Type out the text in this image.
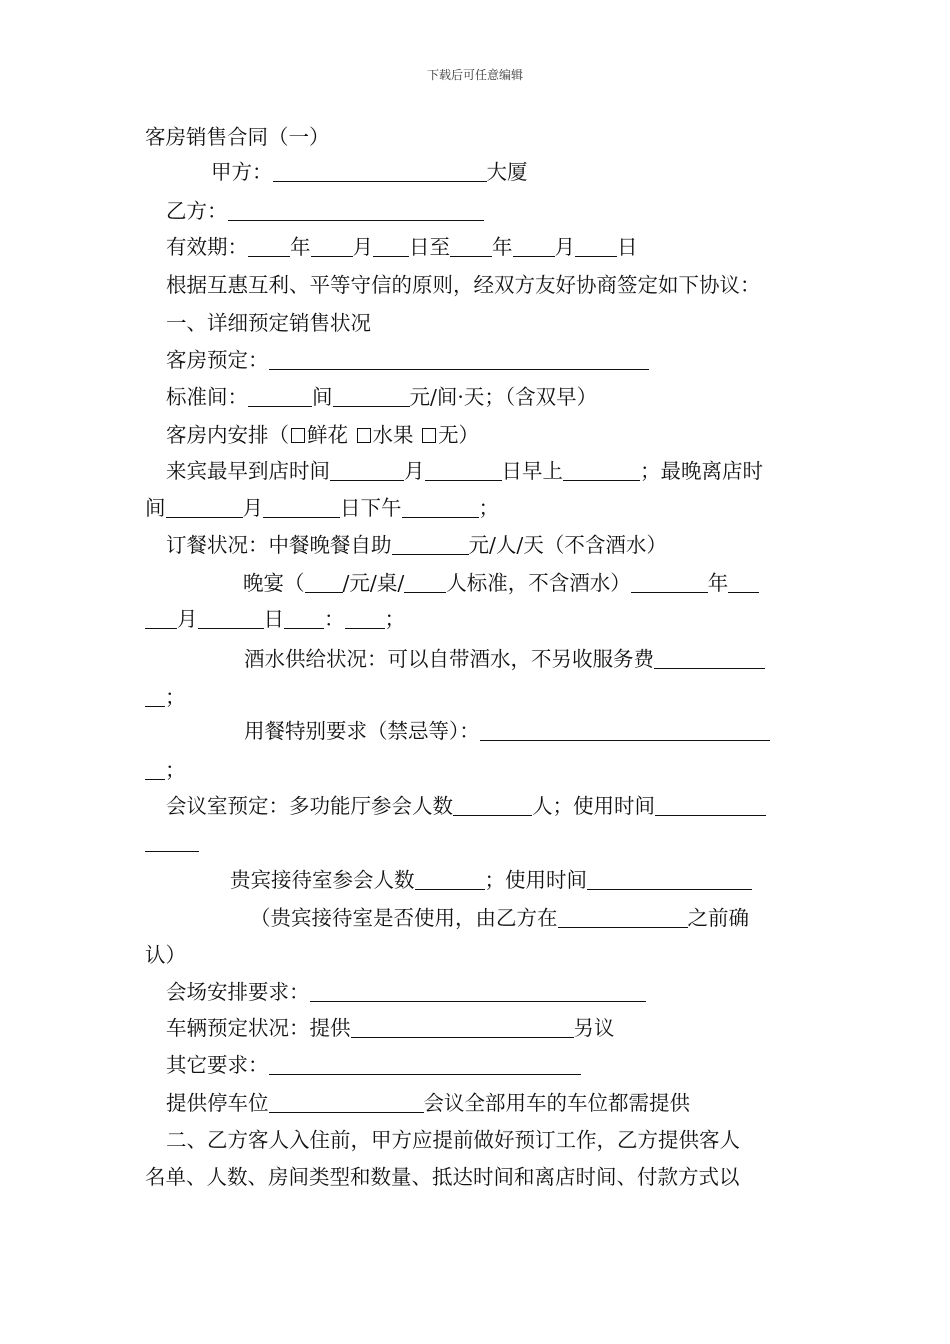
下载后可任意编辑
客房销售合同（一）
甲方：	大厦
乙方：
有效期： 年 月 日至 年 月 日
根据互惠互利、平等守信的原则，经双方友好协商签定如下协议：
一、详细预定销售状况
客房预定：
标准间：	间	元/间·天；（含双早）
客房内安排（ 鲜花 水果 无）
来宾最早到店时间	月	日早上	；最晚离店时
间	月	日下午	；
订餐状况：中餐晚餐自助	元/人/天（不含酒水）
晚宴（ /元/桌/ 人标准，不含酒水）	年
月	日 ： ；
酒水供给状况：可以自带酒水，不另收服务费
；
用餐特别要求（禁忌等）：
；
会议室预定：多功能厅参会人数	人；使用时间
贵宾接待室参会人数	；使用时间
（贵宾接待室是否使用，由乙方在	之前确
认）
会场安排要求：
车辆预定状况：提供	另议
其它要求：
提供停车位	会议全部用车的车位都需提供
二、乙方客人入住前，甲方应提前做好预订工作，乙方提供客人
名单、人数、房间类型和数量、抵达时间和离店时间、付款方式以
